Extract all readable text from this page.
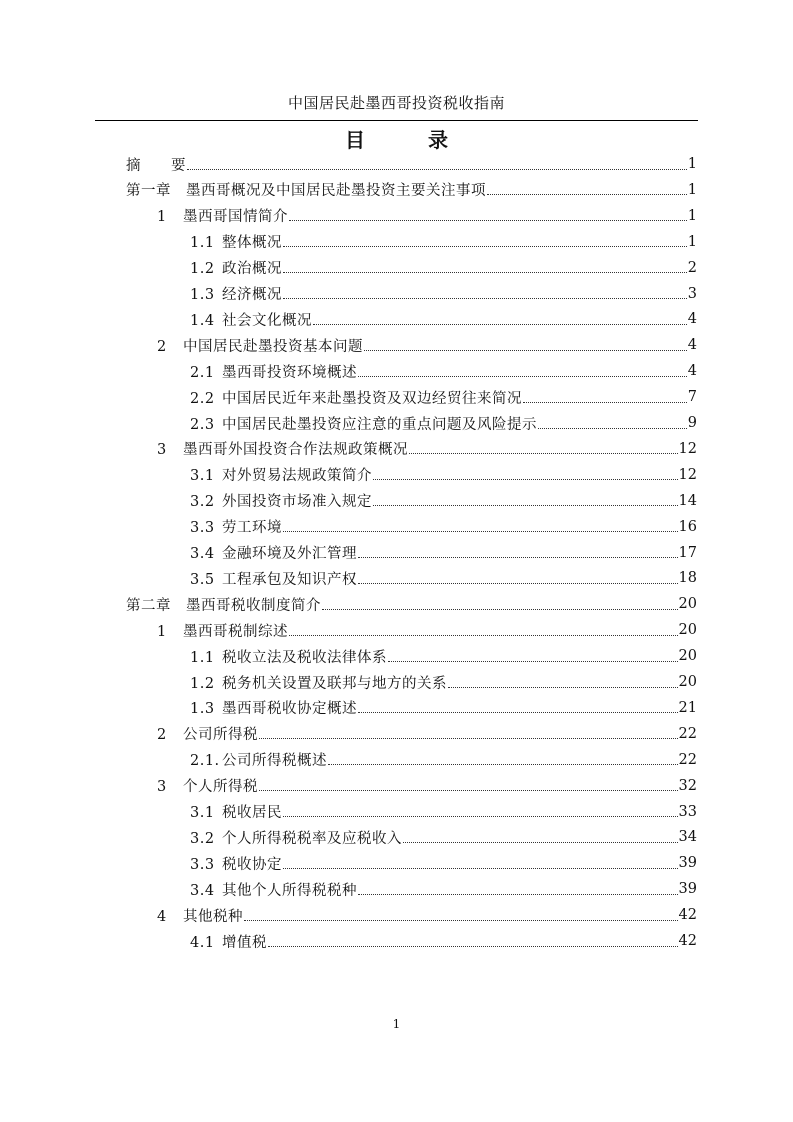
中国居民赴墨西哥投资税收指南
目 录
摘　　要	1
第一章　墨西哥概况及中国居民赴墨投资主要关注事项	1
1 墨西哥国情简介	1
1.1 整体概况	1
1.2 政治概况	2
1.3 经济概况	3
1.4 社会文化概况	4
2 中国居民赴墨投资基本问题	4
2.1 墨西哥投资环境概述	4
2.2 中国居民近年来赴墨投资及双边经贸往来简况	7
2.3 中国居民赴墨投资应注意的重点问题及风险提示	9
3 墨西哥外国投资合作法规政策概况	12
3.1 对外贸易法规政策简介	12
3.2 外国投资市场准入规定	14
3.3 劳工环境	16
3.4 金融环境及外汇管理	17
3.5 工程承包及知识产权	18
第二章　墨西哥税收制度简介	20
1 墨西哥税制综述	20
1.1 税收立法及税收法律体系	20
1.2 税务机关设置及联邦与地方的关系	20
1.3 墨西哥税收协定概述	21
2 公司所得税	22
2.1. 公司所得税概述	22
3 个人所得税	32
3.1 税收居民	33
3.2 个人所得税税率及应税收入	34
3.3 税收协定	39
3.4 其他个人所得税税种	39
4 其他税种	42
4.1 增值税	42
1
